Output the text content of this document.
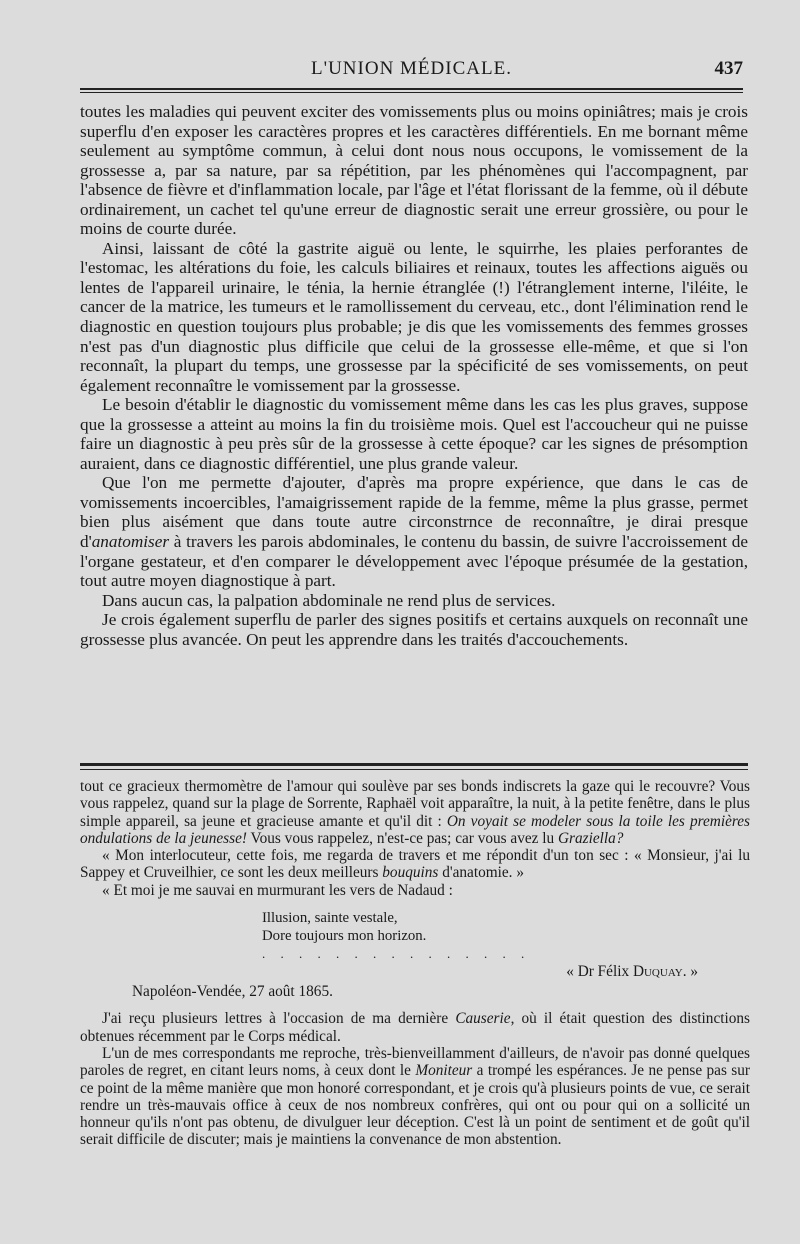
L'UNION MÉDICALE.	437

toutes les maladies qui peuvent exciter des vomissements plus ou moins opiniâtres; mais je crois superflu d'en exposer les caractères propres et les caractères différentiels. En me bornant même seulement au symptôme commun, à celui dont nous nous occupons, le vomissement de la grossesse a, par sa nature, par sa répétition, par les phénomènes qui l'accompagnent, par l'absence de fièvre et d'inflammation locale, par l'âge et l'état florissant de la femme, où il débute ordinairement, un cachet tel qu'une erreur de diagnostic serait une erreur grossière, ou pour le moins de courte durée.

Ainsi, laissant de côté la gastrite aiguë ou lente, le squirrhe, les plaies perforantes de l'estomac, les altérations du foie, les calculs biliaires et reinaux, toutes les affections aiguës ou lentes de l'appareil urinaire, le ténia, la hernie étranglée (!) l'étranglement interne, l'iléite, le cancer de la matrice, les tumeurs et le ramollissement du cerveau, etc., dont l'élimination rend le diagnostic en question toujours plus probable; je dis que les vomissements des femmes grosses n'est pas d'un diagnostic plus difficile que celui de la grossesse elle-même, et que si l'on reconnaît, la plupart du temps, une grossesse par la spécificité de ses vomissements, on peut également reconnaître le vomissement par la grossesse.

Le besoin d'établir le diagnostic du vomissement même dans les cas les plus graves, suppose que la grossesse a atteint au moins la fin du troisième mois. Quel est l'accoucheur qui ne puisse faire un diagnostic à peu près sûr de la grossesse à cette époque? car les signes de présomption auraient, dans ce diagnostic différentiel, une plus grande valeur.

Que l'on me permette d'ajouter, d'après ma propre expérience, que dans le cas de vomissements incoercibles, l'amaigrissement rapide de la femme, même la plus grasse, permet bien plus aisément que dans toute autre circonstrnce de reconnaître, je dirai presque d'anatomiser à travers les parois abdominales, le contenu du bassin, de suivre l'accroissement de l'organe gestateur, et d'en comparer le développement avec l'époque présumée de la gestation, tout autre moyen diagnostique à part.

Dans aucun cas, la palpation abdominale ne rend plus de services.

Je crois également superflu de parler des signes positifs et certains auxquels on reconnaît une grossesse plus avancée. On peut les apprendre dans les traités d'accouchements.

tout ce gracieux thermomètre de l'amour qui soulève par ses bonds indiscrets la gaze qui le recouvre? Vous vous rappelez, quand sur la plage de Sorrente, Raphaël voit apparaître, la nuit, à la petite fenêtre, dans le plus simple appareil, sa jeune et gracieuse amante et qu'il dit : On voyait se modeler sous la toile les premières ondulations de la jeunesse! Vous vous rappelez, n'est-ce pas; car vous avez lu Graziella?

« Mon interlocuteur, cette fois, me regarda de travers et me répondit d'un ton sec : « Monsieur, j'ai lu Sappey et Cruveilhier, ce sont les deux meilleurs bouquins d'anatomie. »

« Et moi je me sauvai en murmurant les vers de Nadaud :

Illusion, sainte vestale,
Dore toujours mon horizon.
. . . . . . . . . . . . . . .
« Dr Félix Duquay. »
Napoléon-Vendée, 27 août 1865.

J'ai reçu plusieurs lettres à l'occasion de ma dernière Causerie, où il était question des distinctions obtenues récemment par le Corps médical.

L'un de mes correspondants me reproche, très-bienveillamment d'ailleurs, de n'avoir pas donné quelques paroles de regret, en citant leurs noms, à ceux dont le Moniteur a trompé les espérances. Je ne pense pas sur ce point de la même manière que mon honoré correspondant, et je crois qu'à plusieurs points de vue, ce serait rendre un très-mauvais office à ceux de nos nombreux confrères, qui ont ou pour qui on a sollicité un honneur qu'ils n'ont pas obtenu, de divulguer leur déception. C'est là un point de sentiment et de goût qu'il serait difficile de discuter; mais je maintiens la convenance de mon abstention.
